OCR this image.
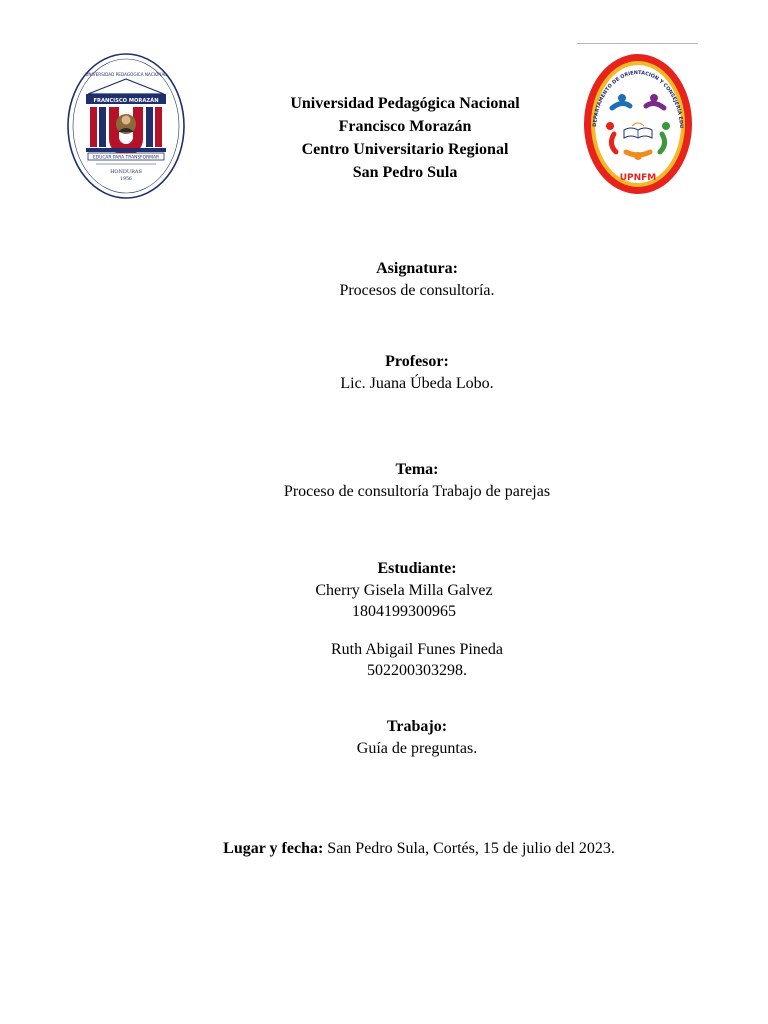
UNIVERSIDAD PEDAGÓGICA NACIONAL
FRANCISCO MORAZÁN
EDUCAR PARA TRANSFORMAR
HONDURAS
1956
DEPARTAMENTO DE ORIENTACIÓN Y CONSEJERÍA EDU
UPNFM
Universidad Pedagógica Nacional
Francisco Morazán
Centro Universitario Regional
San Pedro Sula
Asignatura:
Procesos de consultoría.
Profesor:
Lic. Juana Úbeda Lobo.
Tema:
Proceso de consultoría Trabajo de parejas
Estudiante:
Cherry Gisela Milla Galvez
1804199300965
Ruth Abigail Funes Pineda
502200303298.
Trabajo:
Guía de preguntas.
Lugar y fecha: San Pedro Sula, Cortés, 15 de julio del 2023.
